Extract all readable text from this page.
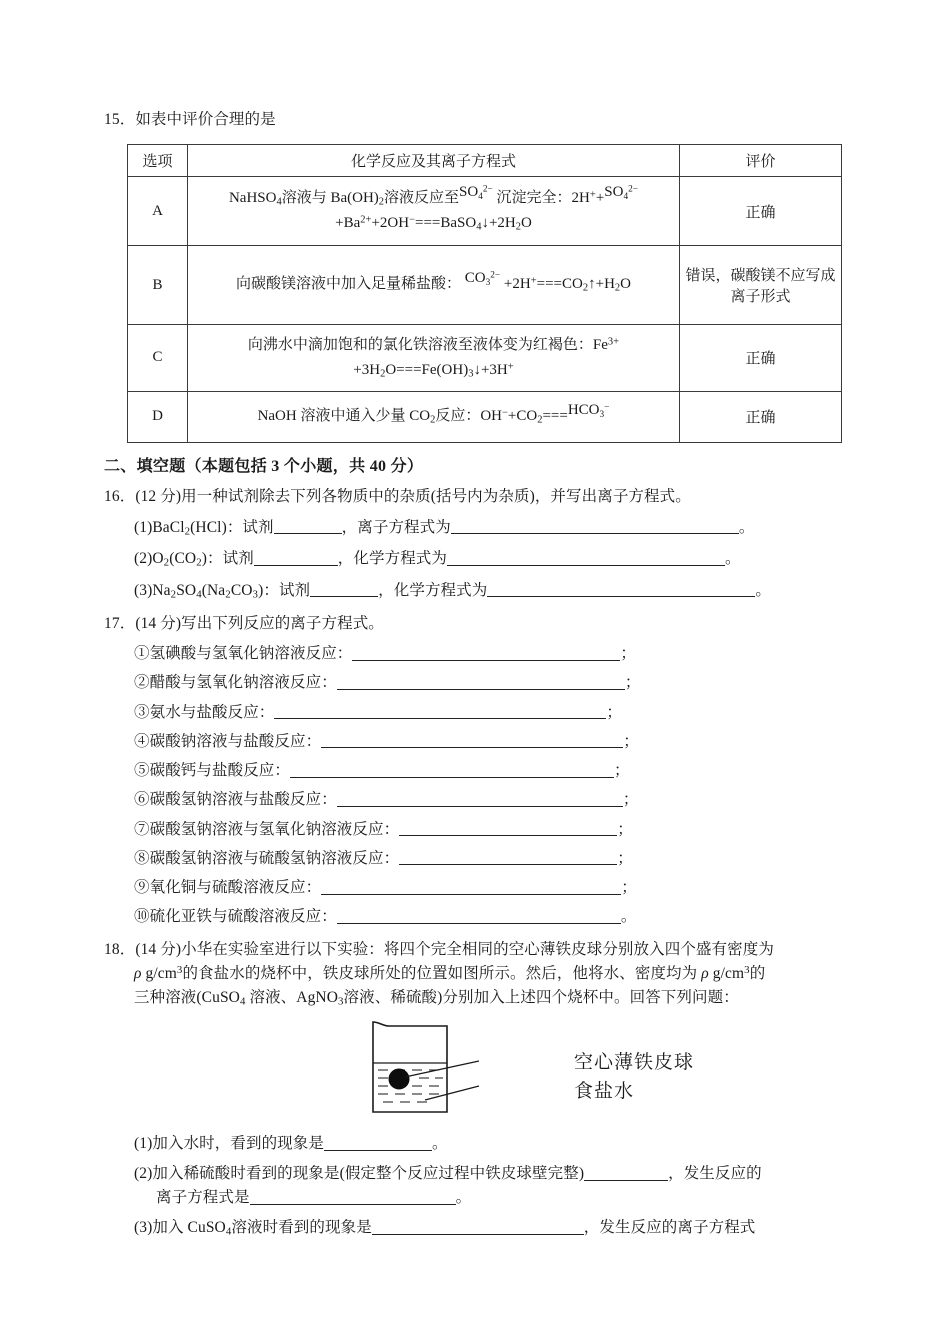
15．如表中评价合理的是
选项	化学反应及其离子方程式	评价
A	NaHSO$_4$溶液与 $Ba(OH)_2$溶液反应至$SO_4^{2-}$ 沉淀完全：$2H^++SO_4^{2-}$
$+Ba^{2+}+2OH^-===BaSO_4↓+2H_2O$	正确
B	向碳酸镁溶液中加入足量稀盐酸： $CO_3^{2-}$ $+2H^+===CO_2↑+H_2O$	错误，碳酸镁不应写成离子形式
C	向沸水中滴加饱和的氯化铁溶液至液体变为红褐色：$Fe^{3+}$
$+3H_2O===Fe(OH)_3↓+3H^+$	正确
D	NaOH 溶液中通入少量 $CO_2$反应：$OH^-+CO_2===HCO_3^-$	正确
二、填空题（本题包括 3 个小题，共 40 分）
16．(12 分)用一种试剂除去下列各物质中的杂质(括号内为杂质)，并写出离子方程式。
(1)BaCl$_2$(HCl)：试剂	，离子方程式为	。
$(2)O_2(CO_2)$：试剂	，化学方程式为	。
$(3)Na_2SO_4(Na_2CO_3)$：试剂	，化学方程式为	。
17．(14 分)写出下列反应的离子方程式。
①氢碘酸与氢氧化钠溶液反应：	；
②醋酸与氢氧化钠溶液反应：	；
③氨水与盐酸反应：	；
④碳酸钠溶液与盐酸反应：	；
⑤碳酸钙与盐酸反应：	；
⑥碳酸氢钠溶液与盐酸反应：	；
⑦碳酸氢钠溶液与氢氧化钠溶液反应：	；
⑧碳酸氢钠溶液与硫酸氢钠溶液反应：	；
⑨氧化铜与硫酸溶液反应：	；
⑩硫化亚铁与硫酸溶液反应：	。
18．(14 分)小华在实验室进行以下实验：将四个完全相同的空心薄铁皮球分别放入四个盛有密度为
ρ $g/cm^3$的食盐水的烧杯中，铁皮球所处的位置如图所示。然后，他将水、密度均为 ρ $g/cm^3$的
三种溶液(CuSO$_4$ 溶液、AgNO$_3$溶液、稀硫酸)分别加入上述四个烧杯中。回答下列问题：
空心薄铁皮球
食盐水
(1)加入水时，看到的现象是	。
(2)加入稀硫酸时看到的现象是(假定整个反应过程中铁皮球壁完整)	，发生反应的
离子方程式是	。
(3)加入 CuSO$_4$溶液时看到的现象是	，发生反应的离子方程式
